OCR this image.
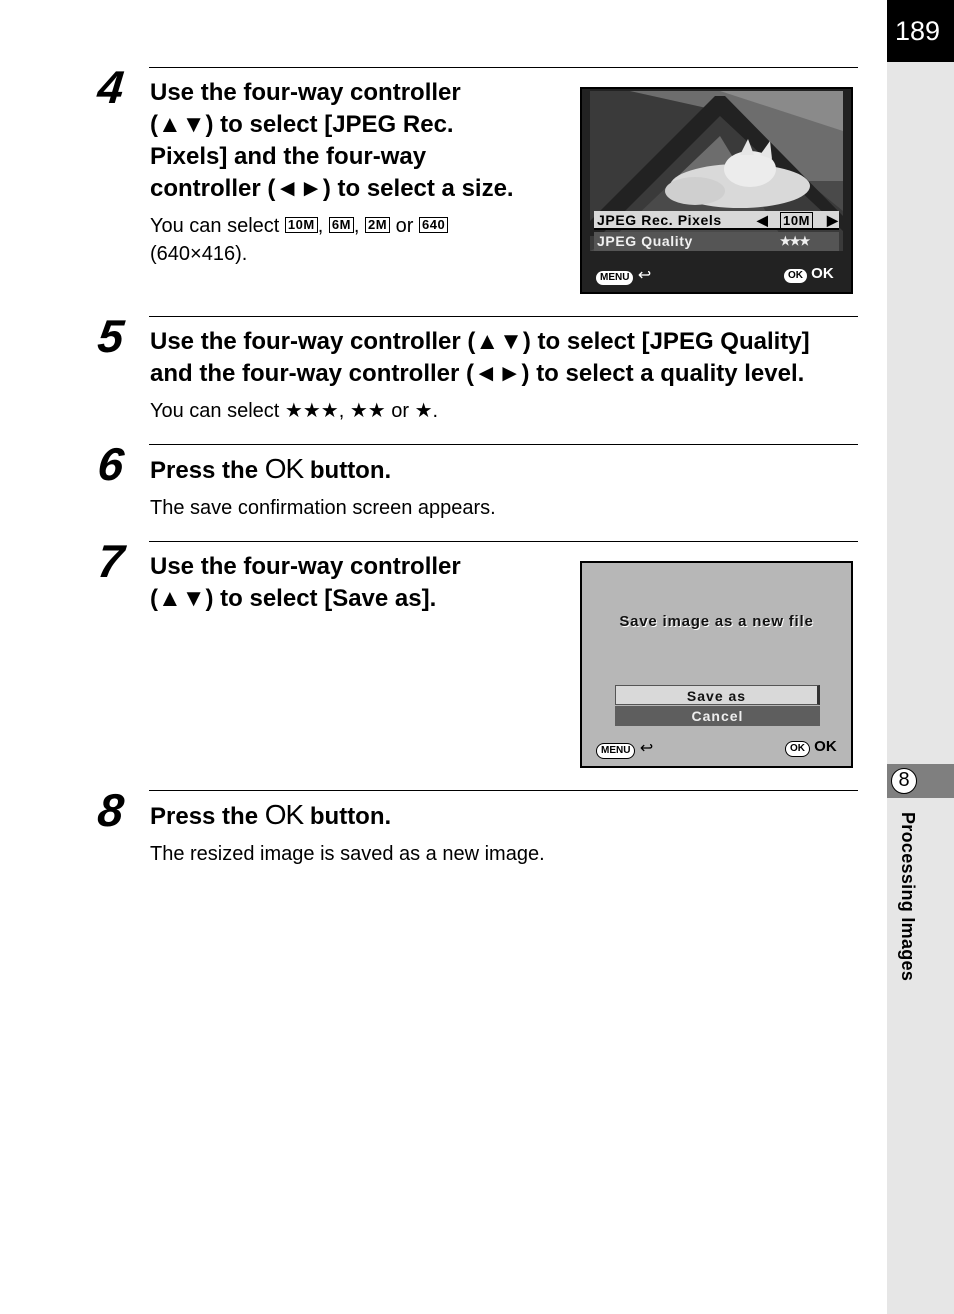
189
8
Processing Images
4 Use the four-way controller
(▲▼) to select [JPEG Rec.
Pixels] and the four-way
controller (◄►) to select a size.
You can select 10M , 6M , 2M or 640
(640×416).
JPEG Rec. Pixels	◀ 10M ▶
JPEG Quality	★★★
MENU ↩	OK OK
5 Use the four-way controller (▲▼) to select [JPEG Quality]
and the four-way controller (◄►) to select a quality level.
You can select ★★★, ★★ or ★.
6 Press the OK button.
The save confirmation screen appears.
7 Use the four-way controller
(▲▼) to select [Save as].
Save image as a new file
Save as
Cancel
MENU ↩	OK OK
8 Press the OK button.
The resized image is saved as a new image.
